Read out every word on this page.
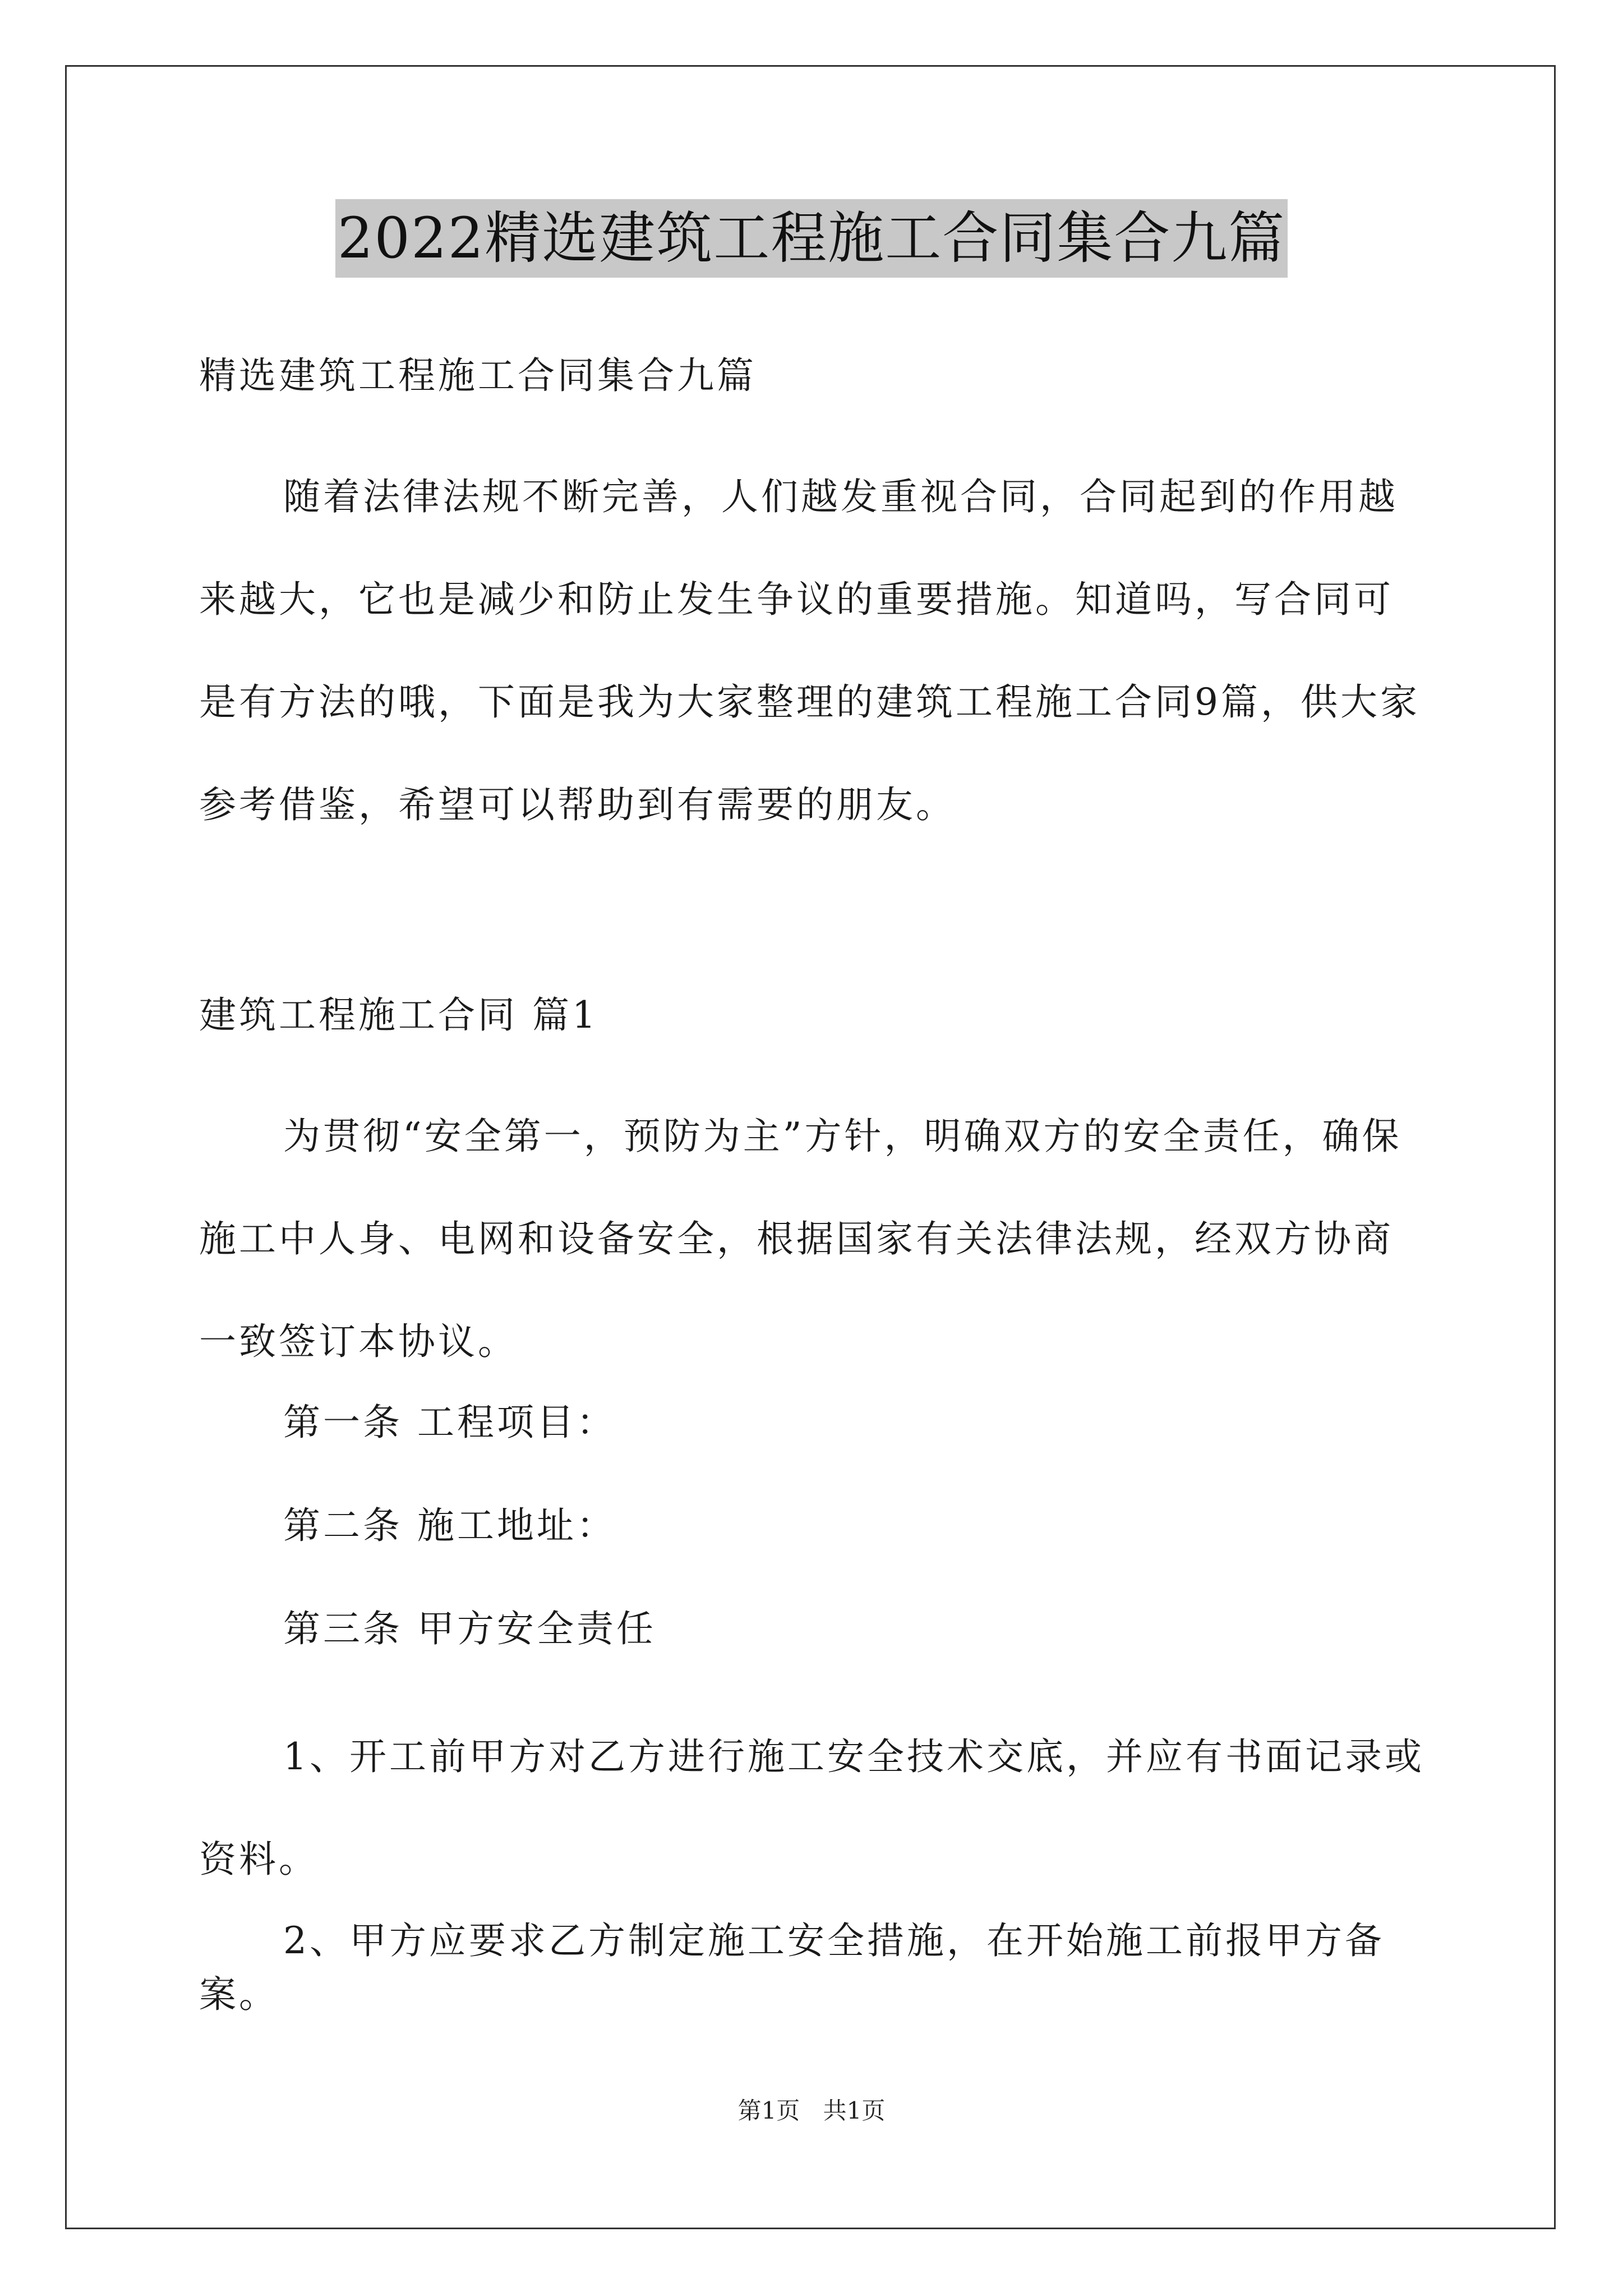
2022精选建筑工程施工合同集合九篇

精选建筑工程施工合同集合九篇

随着法律法规不断完善，人们越发重视合同，合同起到的作用越来越大，它也是减少和防止发生争议的重要措施。知道吗，写合同可是有方法的哦，下面是我为大家整理的建筑工程施工合同9篇，供大家参考借鉴，希望可以帮助到有需要的朋友。

建筑工程施工合同 篇1

为贯彻“安全第一，预防为主”方针，明确双方的安全责任，确保施工中人身、电网和设备安全，根据国家有关法律法规，经双方协商一致签订本协议。

第一条 工程项目：

第二条 施工地址：

第三条 甲方安全责任

1、开工前甲方对乙方进行施工安全技术交底，并应有书面记录或资料。

2、甲方应要求乙方制定施工安全措施，在开始施工前报甲方备案。

第1页 共1页
